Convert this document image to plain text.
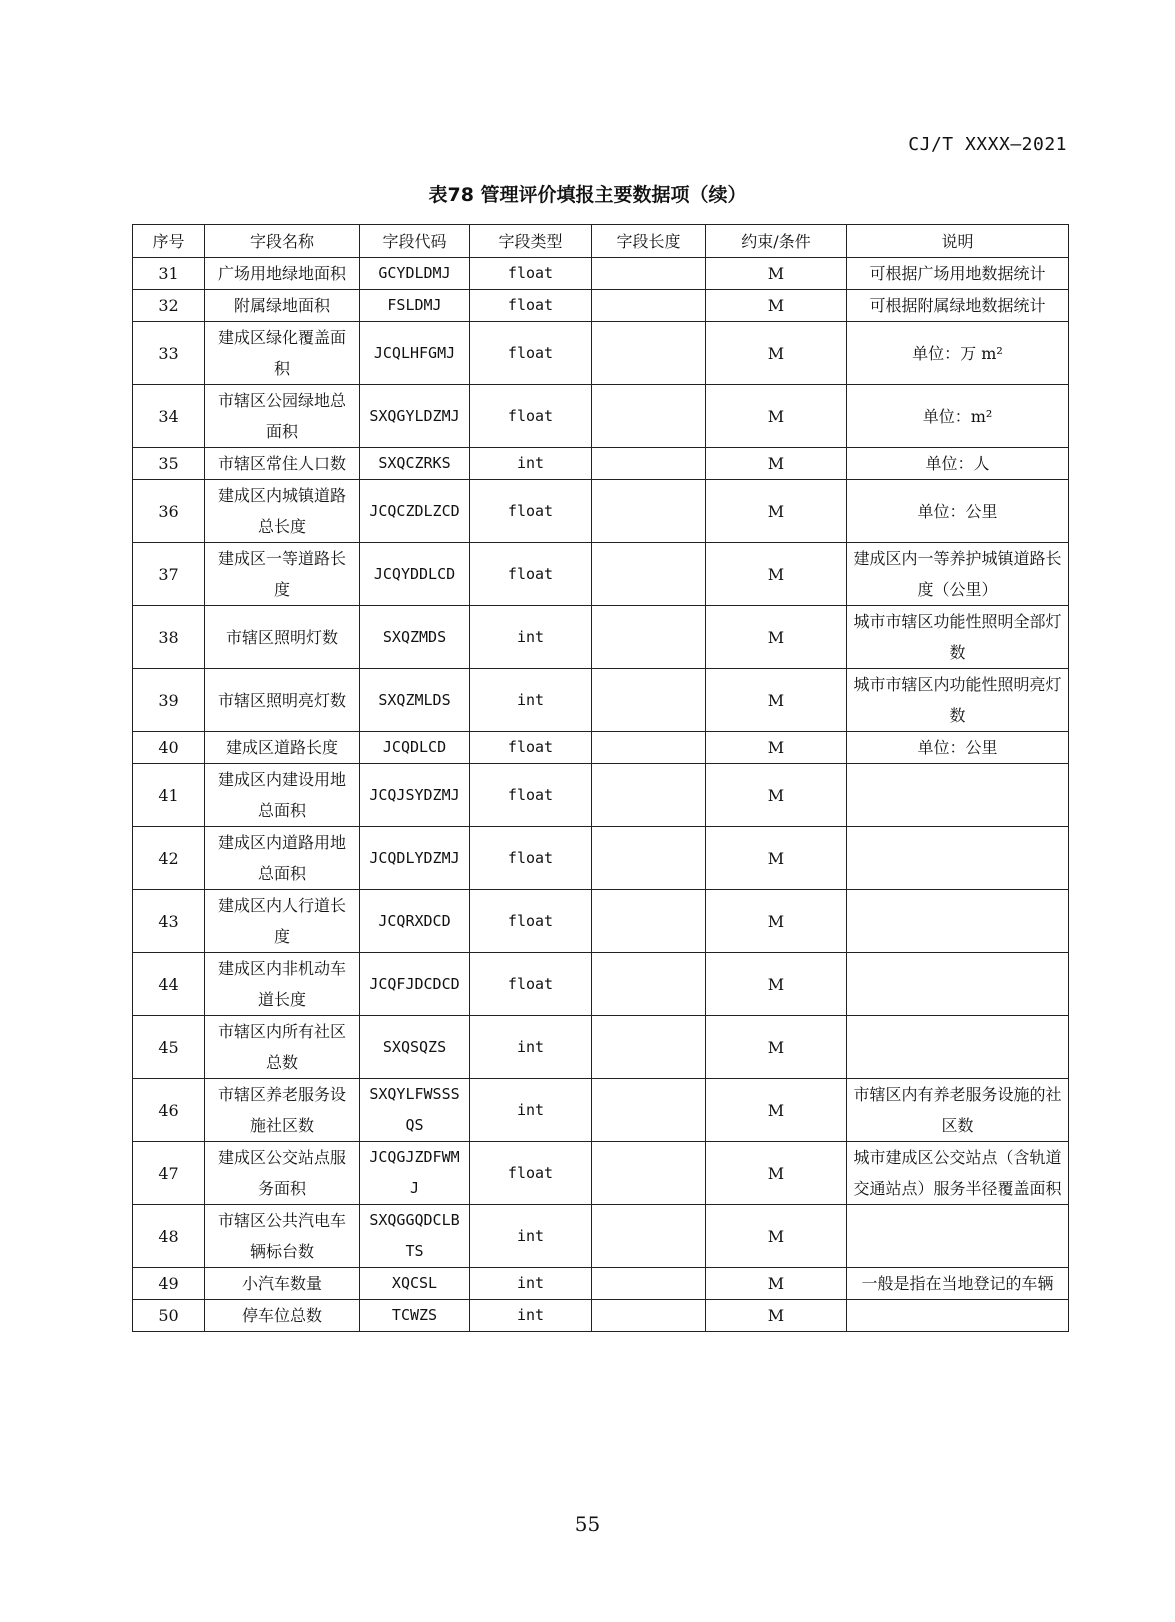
CJ/T XXXX—2021
表78 管理评价填报主要数据项（续）
序号	字段名称	字段代码	字段类型	字段长度	约束/条件	说明
31	广场用地绿地面积	GCYDLDMJ	float		M	可根据广场用地数据统计
32	附属绿地面积	FSLDMJ	float		M	可根据附属绿地数据统计
33	建成区绿化覆盖面积	JCQLHFGMJ	float		M	单位：万 m²
34	市辖区公园绿地总面积	SXQGYLDZMJ	float		M	单位：m²
35	市辖区常住人口数	SXQCZRKS	int		M	单位：人
36	建成区内城镇道路总长度	JCQCZDLZCD	float		M	单位：公里
37	建成区一等道路长度	JCQYDDLCD	float		M	建成区内一等养护城镇道路长度（公里）
38	市辖区照明灯数	SXQZMDS	int		M	城市市辖区功能性照明全部灯数
39	市辖区照明亮灯数	SXQZMLDS	int		M	城市市辖区内功能性照明亮灯数
40	建成区道路长度	JCQDLCD	float		M	单位：公里
41	建成区内建设用地总面积	JCQJSYDZMJ	float		M	
42	建成区内道路用地总面积	JCQDLYDZMJ	float		M	
43	建成区内人行道长度	JCQRXDCD	float		M	
44	建成区内非机动车道长度	JCQFJDCDCD	float		M	
45	市辖区内所有社区总数	SXQSQZS	int		M	
46	市辖区养老服务设施社区数	SXQYLFWSSSQS	int		M	市辖区内有养老服务设施的社区数
47	建成区公交站点服务面积	JCQGJZDFWMJ	float		M	城市建成区公交站点（含轨道交通站点）服务半径覆盖面积
48	市辖区公共汽电车辆标台数	SXQGGQDCLBTS	int		M	
49	小汽车数量	XQCSL	int		M	一般是指在当地登记的车辆
50	停车位总数	TCWZS	int		M	
55
